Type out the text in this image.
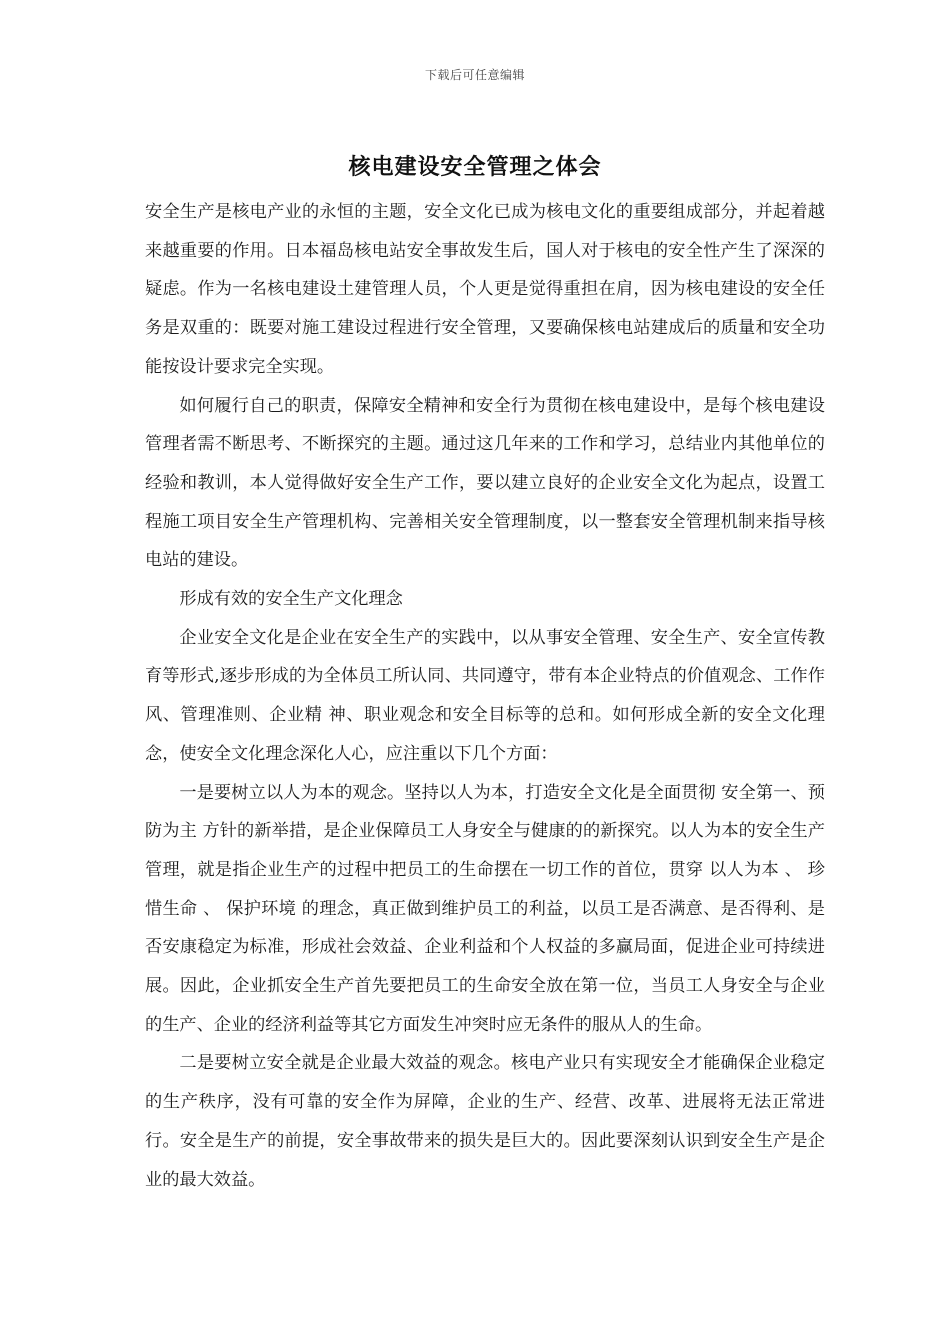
下载后可任意编辑
核电建设安全管理之体会

安全生产是核电产业的永恒的主题，安全文化已成为核电文化的重要组成部分，并起着越来越重要的作用。日本福岛核电站安全事故发生后，国人对于核电的安全性产生了深深的疑虑。作为一名核电建设土建管理人员，个人更是觉得重担在肩，因为核电建设的安全任务是双重的：既要对施工建设过程进行安全管理，又要确保核电站建成后的质量和安全功能按设计要求完全实现。

如何履行自己的职责，保障安全精神和安全行为贯彻在核电建设中，是每个核电建设管理者需不断思考、不断探究的主题。通过这几年来的工作和学习，总结业内其他单位的经验和教训，本人觉得做好安全生产工作，要以建立良好的企业安全文化为起点，设置工程施工项目安全生产管理机构、完善相关安全管理制度，以一整套安全管理机制来指导核电站的建设。

形成有效的安全生产文化理念

企业安全文化是企业在安全生产的实践中，以从事安全管理、安全生产、安全宣传教育等形式,逐步形成的为全体员工所认同、共同遵守，带有本企业特点的价值观念、工作作风、管理准则、企业精 神、职业观念和安全目标等的总和。如何形成全新的安全文化理念，使安全文化理念深化人心，应注重以下几个方面：

一是要树立以人为本的观念。坚持以人为本，打造安全文化是全面贯彻 安全第一、预防为主 方针的新举措，是企业保障员工人身安全与健康的的新探究。以人为本的安全生产管理，就是指企业生产的过程中把员工的生命摆在一切工作的首位，贯穿 以人为本 、 珍惜生命 、 保护环境 的理念，真正做到维护员工的利益，以员工是否满意、是否得利、是否安康稳定为标准，形成社会效益、企业利益和个人权益的多赢局面，促进企业可持续进展。因此，企业抓安全生产首先要把员工的生命安全放在第一位，当员工人身安全与企业的生产、企业的经济利益等其它方面发生冲突时应无条件的服从人的生命。

二是要树立安全就是企业最大效益的观念。核电产业只有实现安全才能确保企业稳定的生产秩序，没有可靠的安全作为屏障，企业的生产、经营、改革、进展将无法正常进行。安全是生产的前提，安全事故带来的损失是巨大的。因此要深刻认识到安全生产是企业的最大效益。
